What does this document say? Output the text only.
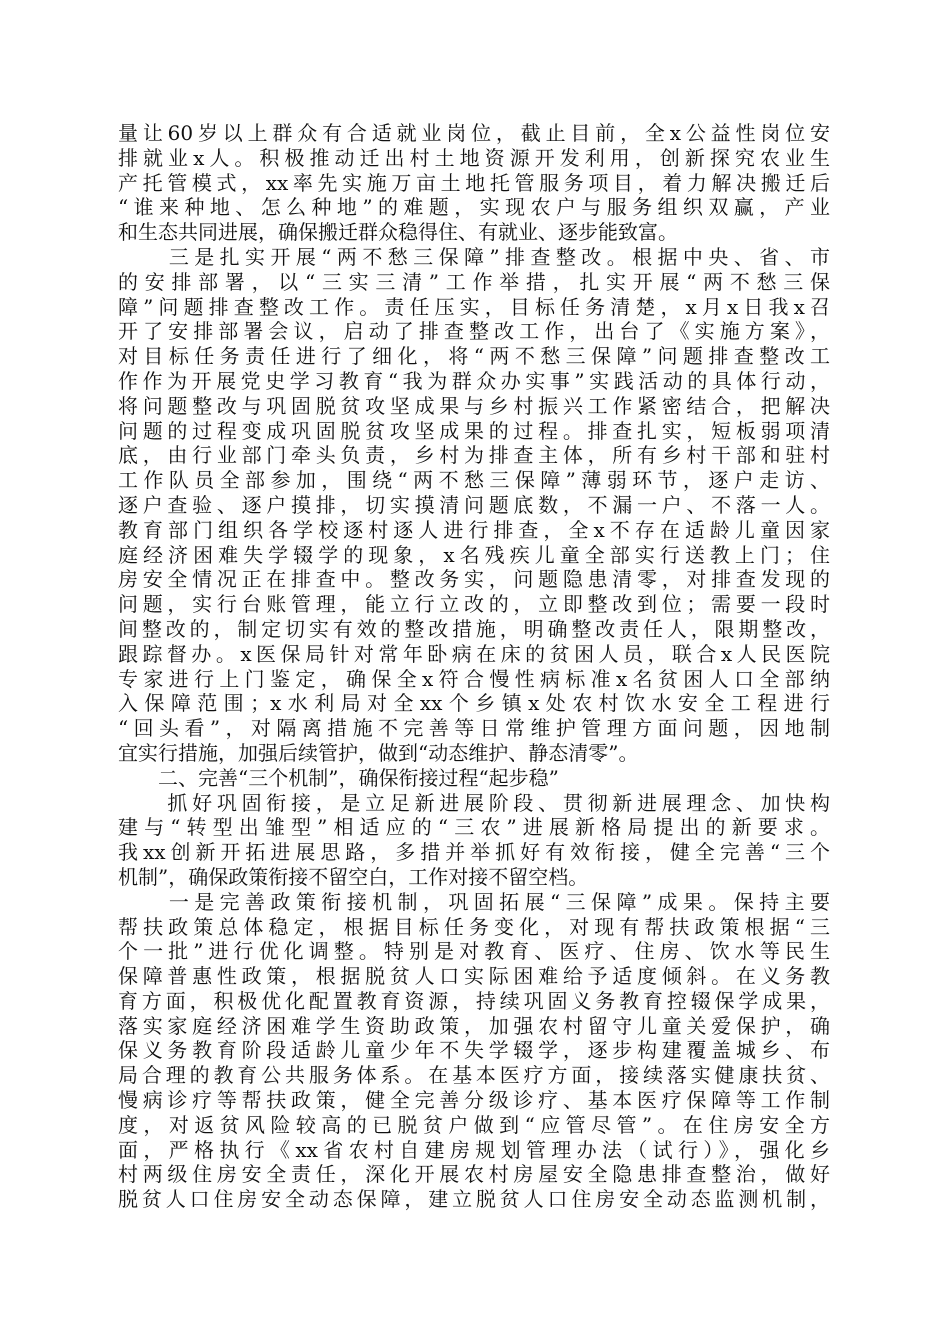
量让60岁以上群众有合适就业岗位，截止目前，全x公益性岗位安
排就业x人。积极推动迁出村土地资源开发利用，创新探究农业生
产托管模式，xx率先实施万亩土地托管服务项目，着力解决搬迁后
“谁来种地、怎么种地”的难题，实现农户与服务组织双赢，产业
和生态共同进展，确保搬迁群众稳得住、有就业、逐步能致富。
　　三是扎实开展“两不愁三保障”排查整改。根据中央、省、市
的安排部署，以“三实三清”工作举措，扎实开展“两不愁三保
障”问题排查整改工作。责任压实，目标任务清楚，x月x日我x召
开了安排部署会议，启动了排查整改工作，出台了《实施方案》，
对目标任务责任进行了细化，将“两不愁三保障”问题排查整改工
作作为开展党史学习教育“我为群众办实事”实践活动的具体行动，
将问题整改与巩固脱贫攻坚成果与乡村振兴工作紧密结合，把解决
问题的过程变成巩固脱贫攻坚成果的过程。排查扎实，短板弱项清
底，由行业部门牵头负责，乡村为排查主体，所有乡村干部和驻村
工作队员全部参加，围绕“两不愁三保障”薄弱环节，逐户走访、
逐户查验、逐户摸排，切实摸清问题底数，不漏一户、不落一人。
教育部门组织各学校逐村逐人进行排查，全x不存在适龄儿童因家
庭经济困难失学辍学的现象，x名残疾儿童全部实行送教上门；住
房安全情况正在排查中。整改务实，问题隐患清零，对排查发现的
问题，实行台账管理，能立行立改的，立即整改到位；需要一段时
间整改的，制定切实有效的整改措施，明确整改责任人，限期整改，
跟踪督办。x医保局针对常年卧病在床的贫困人员，联合x人民医院
专家进行上门鉴定，确保全x符合慢性病标准x名贫困人口全部纳
入保障范围；x水利局对全xx个乡镇x处农村饮水安全工程进行
“回头看”，对隔离措施不完善等日常维护管理方面问题，因地制
宜实行措施，加强后续管护，做到“动态维护、静态清零”。
　　二、完善“三个机制”，确保衔接过程“起步稳”
　　抓好巩固衔接，是立足新进展阶段、贯彻新进展理念、加快构
建与“转型出雏型”相适应的“三农”进展新格局提出的新要求。
我xx创新开拓进展思路，多措并举抓好有效衔接，健全完善“三个
机制”，确保政策衔接不留空白，工作对接不留空档。
　　一是完善政策衔接机制，巩固拓展“三保障”成果。保持主要
帮扶政策总体稳定，根据目标任务变化，对现有帮扶政策根据“三
个一批”进行优化调整。特别是对教育、医疗、住房、饮水等民生
保障普惠性政策，根据脱贫人口实际困难给予适度倾斜。在义务教
育方面，积极优化配置教育资源，持续巩固义务教育控辍保学成果，
落实家庭经济困难学生资助政策，加强农村留守儿童关爱保护，确
保义务教育阶段适龄儿童少年不失学辍学，逐步构建覆盖城乡、布
局合理的教育公共服务体系。在基本医疗方面，接续落实健康扶贫、
慢病诊疗等帮扶政策，健全完善分级诊疗、基本医疗保障等工作制
度，对返贫风险较高的已脱贫户做到“应管尽管”。在住房安全方
面，严格执行《xx省农村自建房规划管理办法（试行）》，强化乡
村两级住房安全责任，深化开展农村房屋安全隐患排查整治，做好
脱贫人口住房安全动态保障，建立脱贫人口住房安全动态监测机制，
